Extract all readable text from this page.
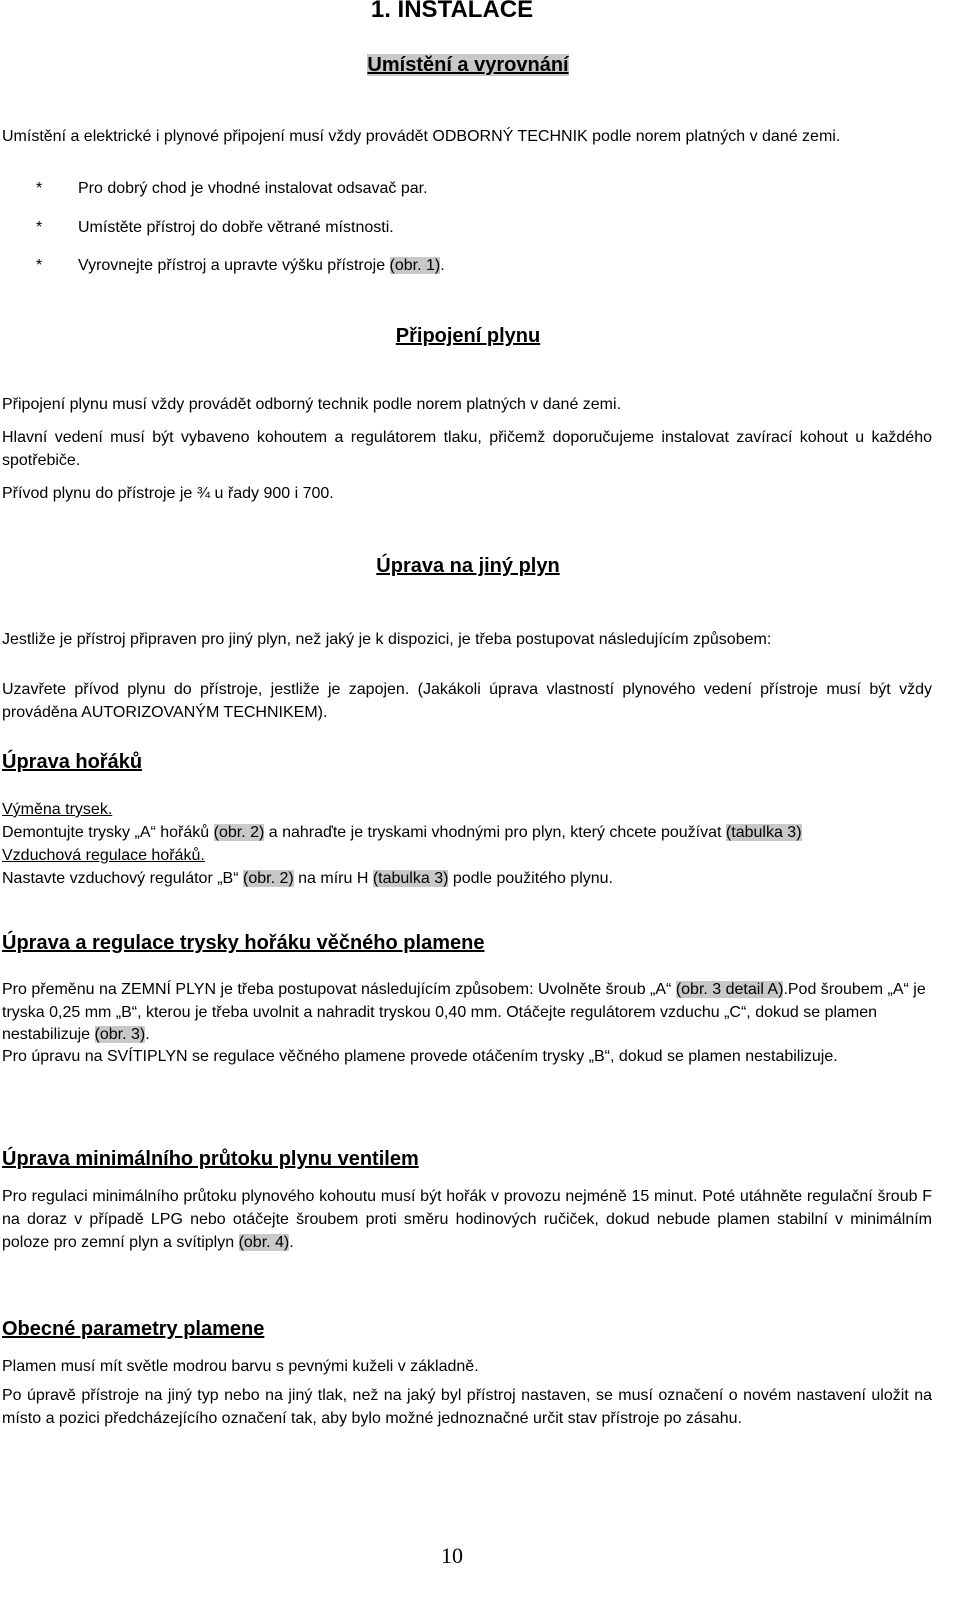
1. INSTALACE
Umístění a vyrovnání
Umístění a elektrické i plynové připojení musí vždy provádět ODBORNÝ TECHNIK podle norem platných v dané zemi.
*	Pro dobrý chod je vhodné instalovat odsavač par.
*	Umístěte přístroj do dobře větrané místnosti.
*	Vyrovnejte přístroj a upravte výšku přístroje (obr. 1).
Připojení plynu
Připojení plynu musí vždy provádět odborný technik podle norem platných v dané zemi.
Hlavní vedení musí být vybaveno kohoutem a regulátorem tlaku, přičemž doporučujeme instalovat zavírací kohout u každého spotřebiče.
Přívod plynu do přístroje je ¾ u řady 900 i 700.
Úprava na jiný plyn
Jestliže je přístroj připraven pro jiný plyn, než jaký je k dispozici, je třeba postupovat následujícím způsobem:
Uzavřete přívod plynu do přístroje, jestliže je zapojen. (Jakákoli úprava vlastností plynového vedení přístroje musí být vždy prováděna AUTORIZOVANÝM TECHNIKEM).
Úprava hořáků
Výměna trysek.
Demontujte trysky „A“ hořáků (obr. 2) a nahraďte je tryskami vhodnými pro plyn, který chcete používat (tabulka 3)
Vzduchová regulace hořáků.
Nastavte vzduchový regulátor „B“ (obr. 2) na míru H (tabulka 3) podle použitého plynu.
Úprava a regulace trysky hořáku věčného plamene
Pro přeměnu na ZEMNÍ PLYN je třeba postupovat následujícím způsobem: Uvolněte šroub „A“ (obr. 3 detail A).Pod šroubem „A“ je tryska 0,25 mm „B“, kterou je třeba uvolnit a nahradit tryskou 0,40 mm. Otáčejte regulátorem vzduchu „C“, dokud se plamen nestabilizuje (obr. 3).
Pro úpravu na SVÍTIPLYN se regulace věčného plamene provede otáčením trysky „B“, dokud se plamen nestabilizuje.
Úprava minimálního průtoku plynu ventilem
Pro regulaci minimálního průtoku plynového kohoutu musí být hořák v provozu nejméně 15 minut. Poté utáhněte regulační šroub F na doraz v případě LPG nebo otáčejte šroubem proti směru hodinových ručiček, dokud nebude plamen stabilní v minimálním poloze pro zemní plyn a svítiplyn (obr. 4).
Obecné parametry plamene
Plamen musí mít světle modrou barvu s pevnými kuželi v základně.
Po úpravě přístroje na jiný typ nebo na jiný tlak, než na jaký byl přístroj nastaven, se musí označení o novém nastavení uložit na místo a pozici předcházejícího označení tak, aby bylo možné jednoznačné určit stav přístroje po zásahu.
10
